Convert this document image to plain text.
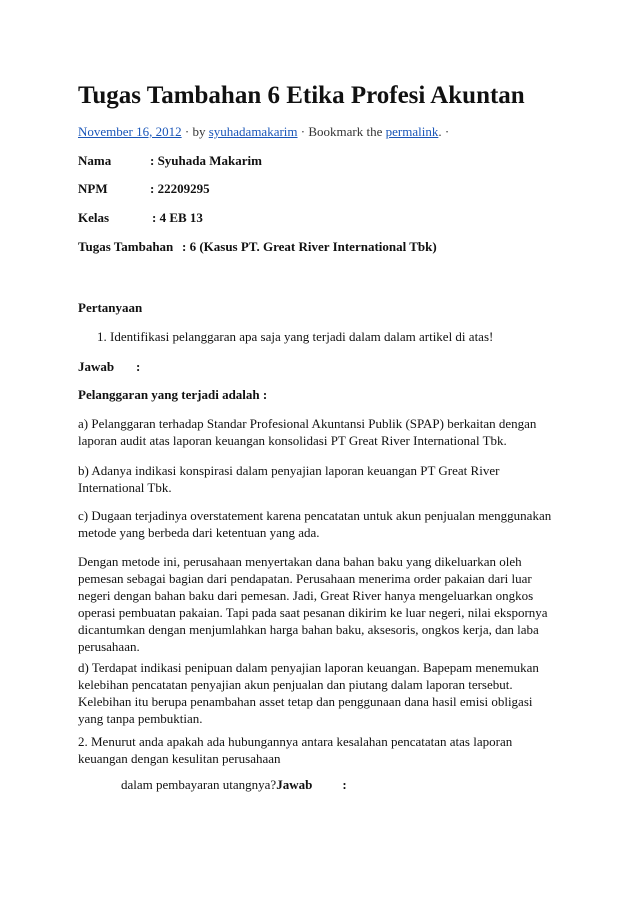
Tugas Tambahan 6 Etika Profesi Akuntan
November 16, 2012 · by syuhadamakarim · Bookmark the permalink. ·
Nama	: Syuhada Makarim
NPM	: 22209295
Kelas	: 4 EB 13
Tugas Tambahan : 6 (Kasus PT. Great River International Tbk)
Pertanyaan
1. Identifikasi pelanggaran apa saja yang terjadi dalam dalam artikel di atas!
Jawab :
Pelanggaran yang terjadi adalah :
a) Pelanggaran terhadap Standar Profesional Akuntansi Publik (SPAP) berkaitan dengan laporan audit atas laporan keuangan konsolidasi PT Great River International Tbk.
b) Adanya indikasi konspirasi dalam penyajian laporan keuangan PT Great River International Tbk.
c) Dugaan terjadinya overstatement karena pencatatan untuk akun penjualan menggunakan metode yang berbeda dari ketentuan yang ada.
Dengan metode ini, perusahaan menyertakan dana bahan baku yang dikeluarkan oleh pemesan sebagai bagian dari pendapatan. Perusahaan menerima order pakaian dari luar negeri dengan bahan baku dari pemesan. Jadi, Great River hanya mengeluarkan ongkos operasi pembuatan pakaian. Tapi pada saat pesanan dikirim ke luar negeri, nilai ekspornya dicantumkan dengan menjumlahkan harga bahan baku, aksesoris, ongkos kerja, dan laba perusahaan.
d) Terdapat indikasi penipuan dalam penyajian laporan keuangan. Bapepam menemukan kelebihan pencatatan penyajian akun penjualan dan piutang dalam laporan tersebut. Kelebihan itu berupa penambahan asset tetap dan penggunaan dana hasil emisi obligasi yang tanpa pembuktian.
2. Menurut anda apakah ada hubungannya antara kesalahan pencatatan atas laporan keuangan dengan kesulitan perusahaan
dalam pembayaran utangnya?Jawab :
